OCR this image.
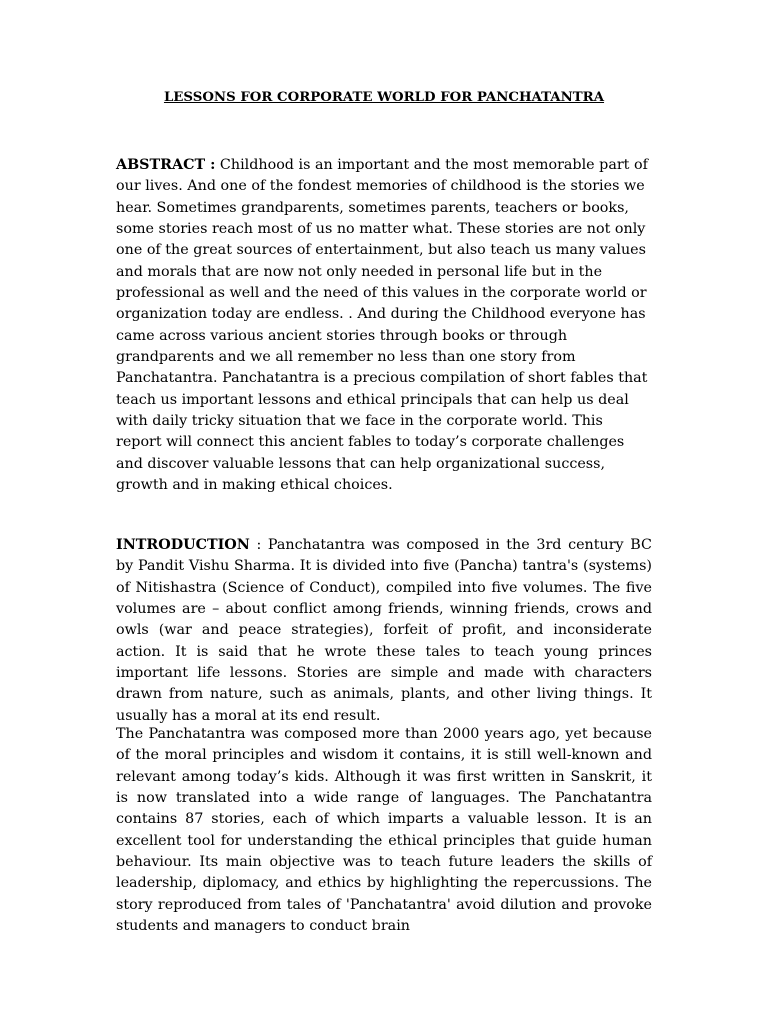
LESSONS FOR CORPORATE WORLD FOR PANCHATANTRA

ABSTRACT : Childhood is an important and the most memorable part of our lives. And one of the fondest memories of childhood is the stories we hear. Sometimes grandparents, sometimes parents, teachers or books, some stories reach most of us no matter what. These stories are not only one of the great sources of entertainment, but also teach us many values and morals that are now not only needed in personal life but in the professional as well and the need of this values in the corporate world or organization today are endless. . And during the Childhood everyone has came across various ancient stories through books or through grandparents and we all remember no less than one story from Panchatantra. Panchatantra is a precious compilation of short fables that teach us important lessons and ethical principals that can help us deal with daily tricky situation that we face in the corporate world. This report will connect this ancient fables to today’s corporate challenges and discover valuable lessons that can help organizational success, growth and in making ethical choices.

INTRODUCTION : Panchatantra was composed in the 3rd century BC by Pandit Vishu Sharma. It is divided into five (Pancha) tantra's (systems) of Nitishastra (Science of Conduct), compiled into five volumes. The five volumes are – about conflict among friends, winning friends, crows and owls (war and peace strategies), forfeit of profit, and inconsiderate action. It is said that he wrote these tales to teach young princes important life lessons. Stories are simple and made with characters drawn from nature, such as animals, plants, and other living things. It usually has a moral at its end result.

The Panchatantra was composed more than 2000 years ago, yet because of the moral principles and wisdom it contains, it is still well-known and relevant among today’s kids. Although it was first written in Sanskrit, it is now translated into a wide range of languages. The Panchatantra contains 87 stories, each of which imparts a valuable lesson. It is an excellent tool for understanding the ethical principles that guide human behaviour. Its main objective was to teach future leaders the skills of leadership, diplomacy, and ethics by highlighting the repercussions. The story reproduced from tales of 'Panchatantra' avoid dilution and provoke students and managers to conduct brain
